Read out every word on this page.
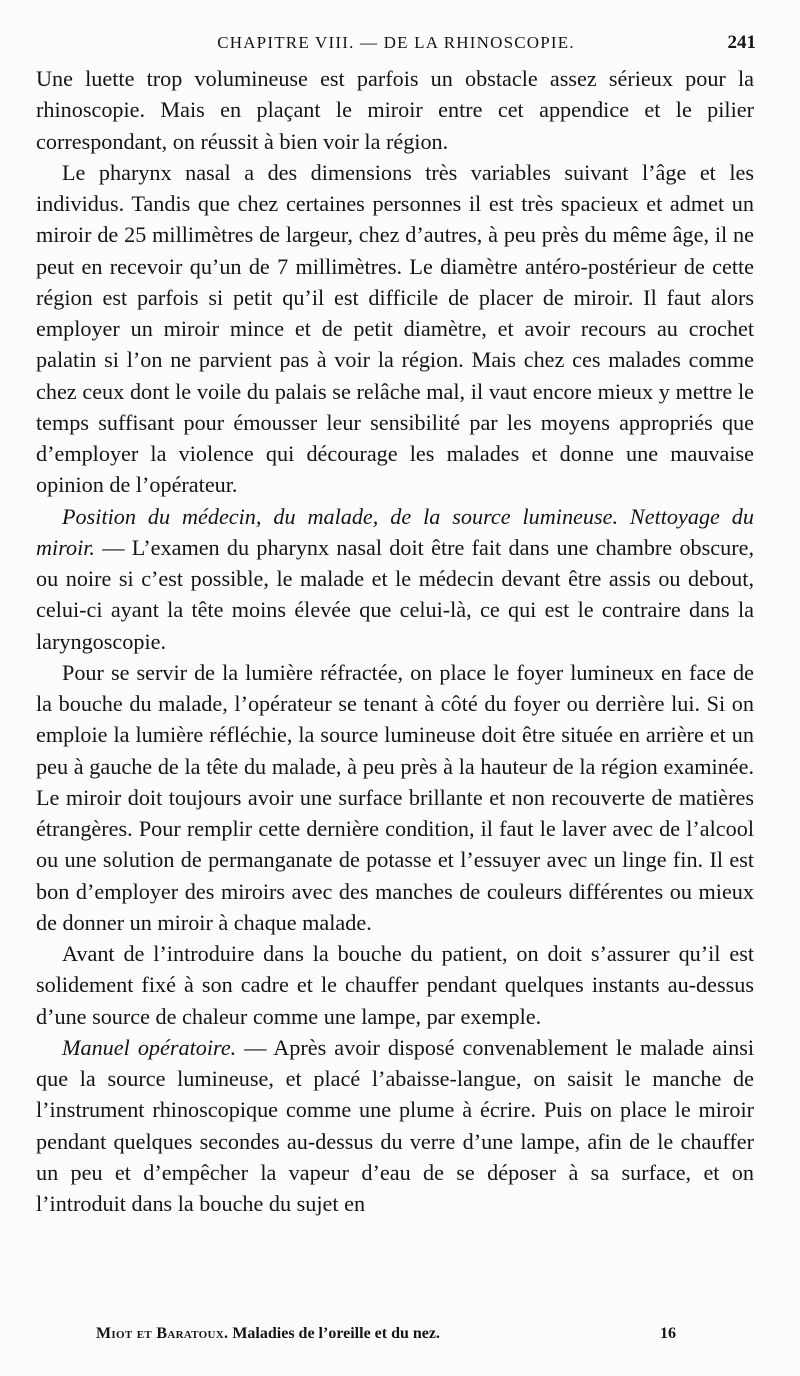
CHAPITRE VIII. — DE LA RHINOSCOPIE.	241

Une luette trop volumineuse est parfois un obstacle assez sérieux pour la rhinoscopie. Mais en plaçant le miroir entre cet appendice et le pilier correspondant, on réussit à bien voir la région.

Le pharynx nasal a des dimensions très variables suivant l’âge et les individus. Tandis que chez certaines personnes il est très spacieux et admet un miroir de 25 millimètres de largeur, chez d’autres, à peu près du même âge, il ne peut en recevoir qu’un de 7 millimètres. Le diamètre antéro-postérieur de cette région est parfois si petit qu’il est difficile de placer de miroir. Il faut alors employer un miroir mince et de petit diamètre, et avoir recours au crochet palatin si l’on ne parvient pas à voir la région. Mais chez ces malades comme chez ceux dont le voile du palais se relâche mal, il vaut encore mieux y mettre le temps suffisant pour émousser leur sensibilité par les moyens appropriés que d’employer la violence qui décourage les malades et donne une mauvaise opinion de l’opérateur.

Position du médecin, du malade, de la source lumineuse. Nettoyage du miroir. — L’examen du pharynx nasal doit être fait dans une chambre obscure, ou noire si c’est possible, le malade et le médecin devant être assis ou debout, celui-ci ayant la tête moins élevée que celui-là, ce qui est le contraire dans la laryngoscopie.

Pour se servir de la lumière réfractée, on place le foyer lumineux en face de la bouche du malade, l’opérateur se tenant à côté du foyer ou derrière lui. Si on emploie la lumière réfléchie, la source lumineuse doit être située en arrière et un peu à gauche de la tête du malade, à peu près à la hauteur de la région examinée. Le miroir doit toujours avoir une surface brillante et non recouverte de matières étrangères. Pour remplir cette dernière condition, il faut le laver avec de l’alcool ou une solution de permanganate de potasse et l’essuyer avec un linge fin. Il est bon d’employer des miroirs avec des manches de couleurs différentes ou mieux de donner un miroir à chaque malade.

Avant de l’introduire dans la bouche du patient, on doit s’assurer qu’il est solidement fixé à son cadre et le chauffer pendant quelques instants au-dessus d’une source de chaleur comme une lampe, par exemple.

Manuel opératoire. — Après avoir disposé convenablement le malade ainsi que la source lumineuse, et placé l’abaisse-langue, on saisit le manche de l’instrument rhinoscopique comme une plume à écrire. Puis on place le miroir pendant quelques secondes au-dessus du verre d’une lampe, afin de le chauffer un peu et d’empêcher la vapeur d’eau de se déposer à sa surface, et on l’introduit dans la bouche du sujet en

Miot et Baratoux. Maladies de l’oreille et du nez.	16
